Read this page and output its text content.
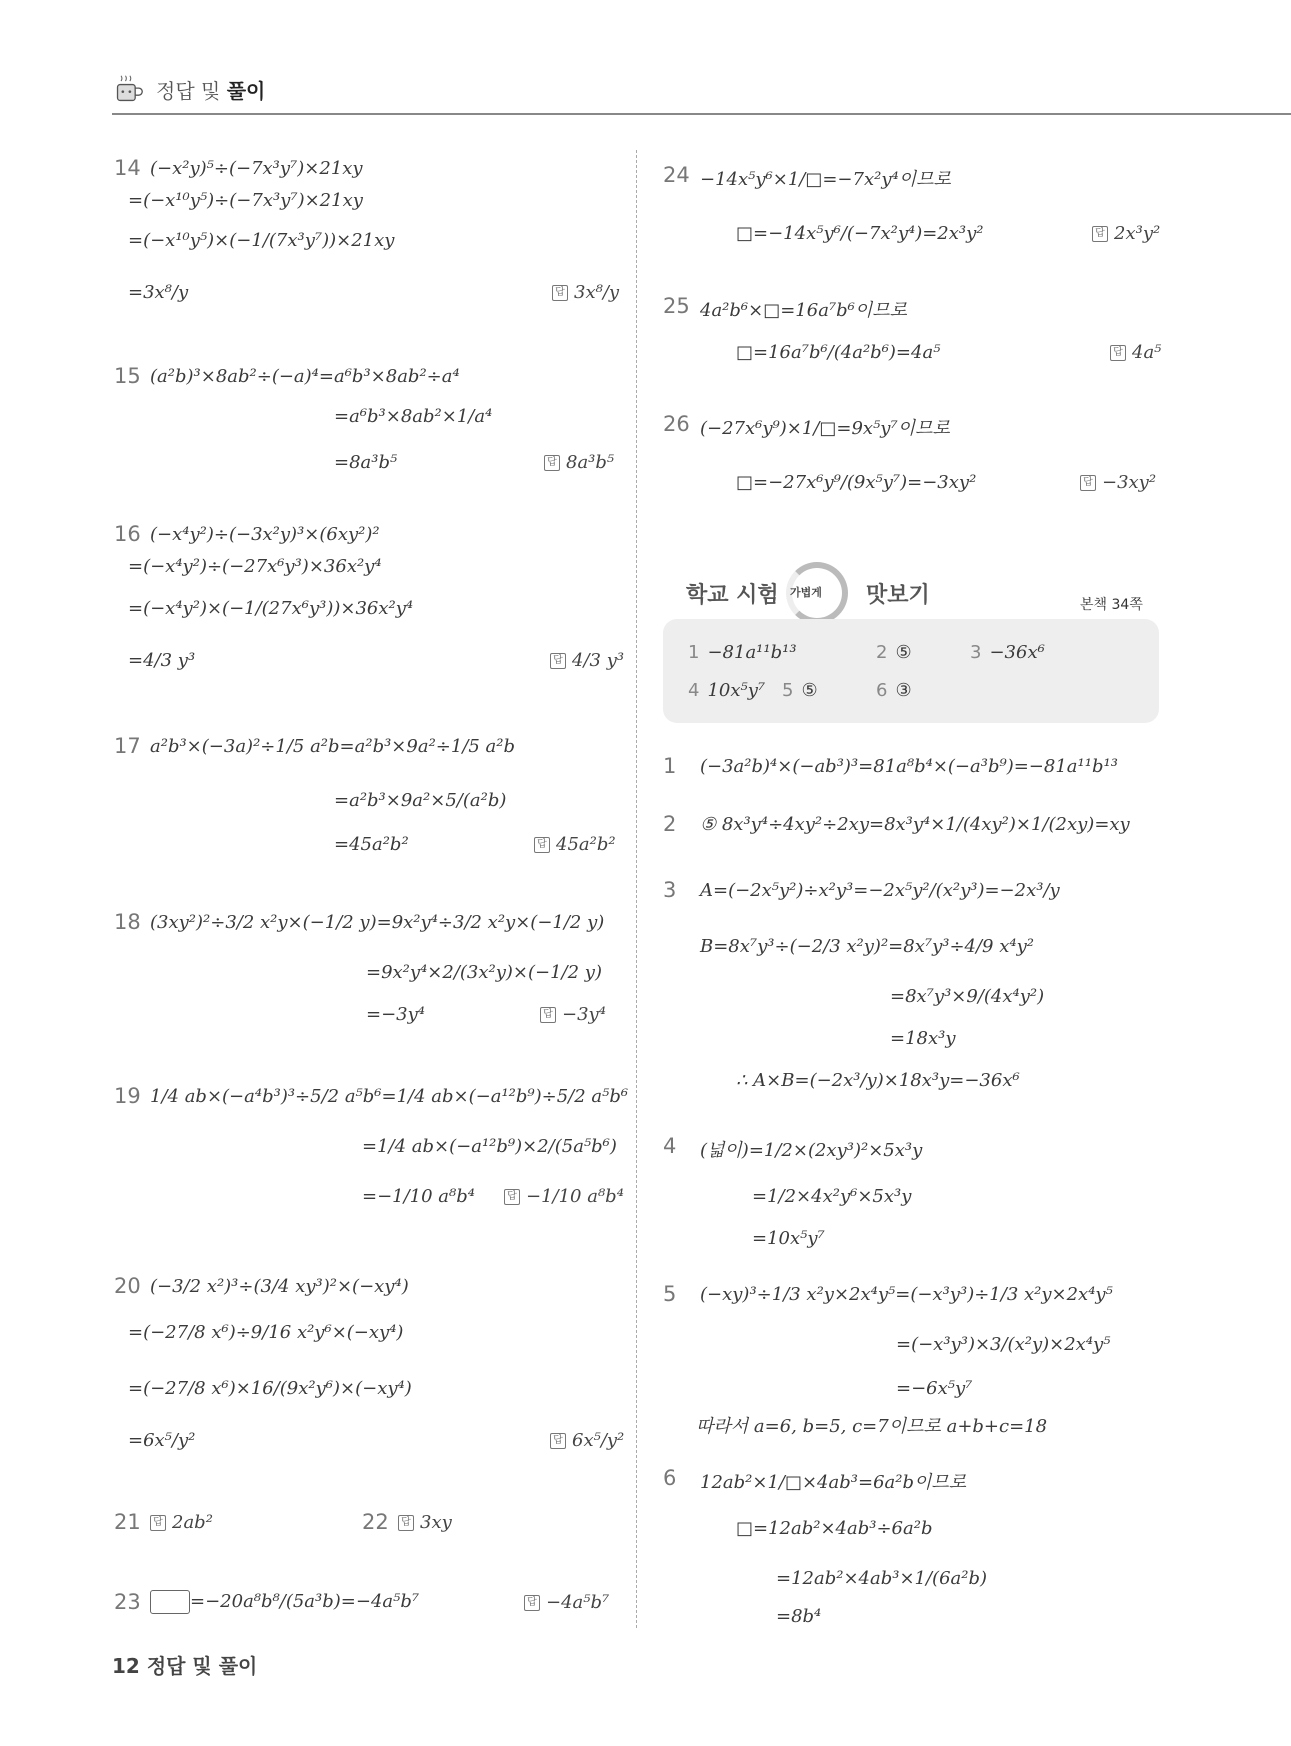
정답 및 풀이
14 (−x²y)⁵÷(−7x³y⁷)×21xy
=(−x¹⁰y⁵)÷(−7x³y⁷)×21xy
=(−x¹⁰y⁵)×(−1/(7x³y⁷))×21xy
=3x⁸/y	답 3x⁸/y
15 (a²b)³×8ab²÷(−a)⁴=a⁶b³×8ab²÷a⁴
=a⁶b³×8ab²×1/a⁴
=8a³b⁵	답 8a³b⁵
16 (−x⁴y²)÷(−3x²y)³×(6xy²)²
=(−x⁴y²)÷(−27x⁶y³)×36x²y⁴
=(−x⁴y²)×(−1/(27x⁶y³))×36x²y⁴
=4/3 y³	답 4/3 y³
17 a²b³×(−3a)²÷1/5 a²b=a²b³×9a²÷1/5 a²b
=a²b³×9a²×5/(a²b)
=45a²b²	답 45a²b²
18 (3xy²)²÷3/2 x²y×(−1/2 y)=9x²y⁴÷3/2 x²y×(−1/2 y)
=9x²y⁴×2/(3x²y)×(−1/2 y)
=−3y⁴	답 −3y⁴
19 1/4 ab×(−a⁴b³)³÷5/2 a⁵b⁶=1/4 ab×(−a¹²b⁹)÷5/2 a⁵b⁶
=1/4 ab×(−a¹²b⁹)×2/(5a⁵b⁶)
=−1/10 a⁸b⁴	답 −1/10 a⁸b⁴
20 (−3/2 x²)³÷(3/4 xy³)²×(−xy⁴)
=(−27/8 x⁶)÷9/16 x²y⁶×(−xy⁴)
=(−27/8 x⁶)×16/(9x²y⁶)×(−xy⁴)
=6x⁵/y²	답 6x⁵/y²
21	답 2ab²	22	답 3xy
23	=−20a⁸b⁸/(5a³b)=−4a⁵b⁷	답 −4a⁵b⁷
24 −14x⁵y⁶×1/□=−7x²y⁴이므로
□=−14x⁵y⁶/(−7x²y⁴)=2x³y²	답 2x³y²
25 4a²b⁶×□=16a⁷b⁶이므로
□=16a⁷b⁶/(4a²b⁶)=4a⁵	답 4a⁵
26 (−27x⁶y⁹)×1/□=9x⁵y⁷이므로
□=−27x⁶y⁹/(9x⁵y⁷)=−3xy²	답 −3xy²
학교 시험 가볍게 맛보기	본책 34쪽
1 −81a¹¹b¹³	2 ⑤	3 −36x⁶
4 10x⁵y⁷ 5 ⑤	6 ③
1 (−3a²b)⁴×(−ab³)³=81a⁸b⁴×(−a³b⁹)=−81a¹¹b¹³
2 ⑤ 8x³y⁴÷4xy²÷2xy=8x³y⁴×1/(4xy²)×1/(2xy)=xy
3 A=(−2x⁵y²)÷x²y³=−2x⁵y²/(x²y³)=−2x³/y
B=8x⁷y³÷(−2/3 x²y)²=8x⁷y³÷4/9 x⁴y²
=8x⁷y³×9/(4x⁴y²)
=18x³y
∴ A×B=(−2x³/y)×18x³y=−36x⁶
4 (넓이)=1/2×(2xy³)²×5x³y
=1/2×4x²y⁶×5x³y
=10x⁵y⁷
5 (−xy)³÷1/3 x²y×2x⁴y⁵=(−x³y³)÷1/3 x²y×2x⁴y⁵
=(−x³y³)×3/(x²y)×2x⁴y⁵
=−6x⁵y⁷
따라서 a=6, b=5, c=7이므로 a+b+c=18
6 12ab²×1/□×4ab³=6a²b이므로
□=12ab²×4ab³÷6a²b
=12ab²×4ab³×1/(6a²b)
=8b⁴
12 정답 및 풀이
